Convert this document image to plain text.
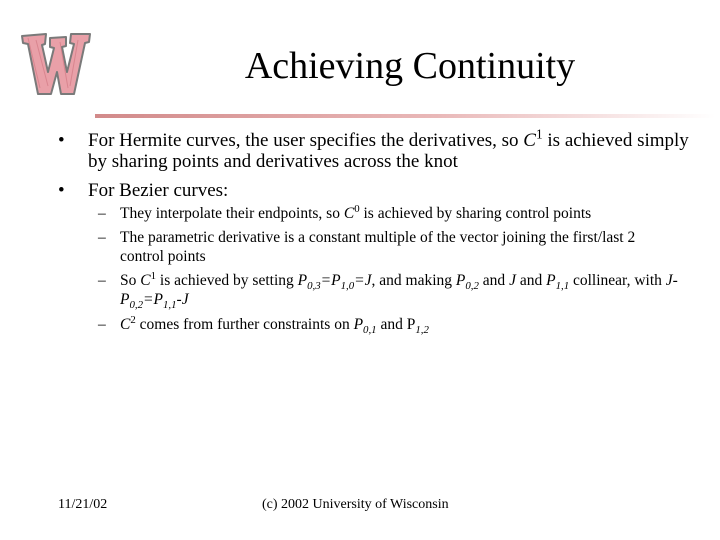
Achieving Continuity
• For Hermite curves, the user specifies the derivatives, so $C^1$ is achieved simply by sharing points and derivatives across the knot
• For Bezier curves:
– They interpolate their endpoints, so $C^0$ is achieved by sharing control points
– The parametric derivative is a constant multiple of the vector joining the first/last 2 control points
– So $C^1$ is achieved by setting $P_{0,3}=P_{1,0}=J$, and making $P_{0,2}$ and J and $P_{1,1}$ collinear, with $J-P_{0,2}=P_{1,1}-J$
– $C^2$ comes from further constraints on $P_{0,1}$ and $P_{1,2}$
11/21/02	(c) 2002 University of Wisconsin
